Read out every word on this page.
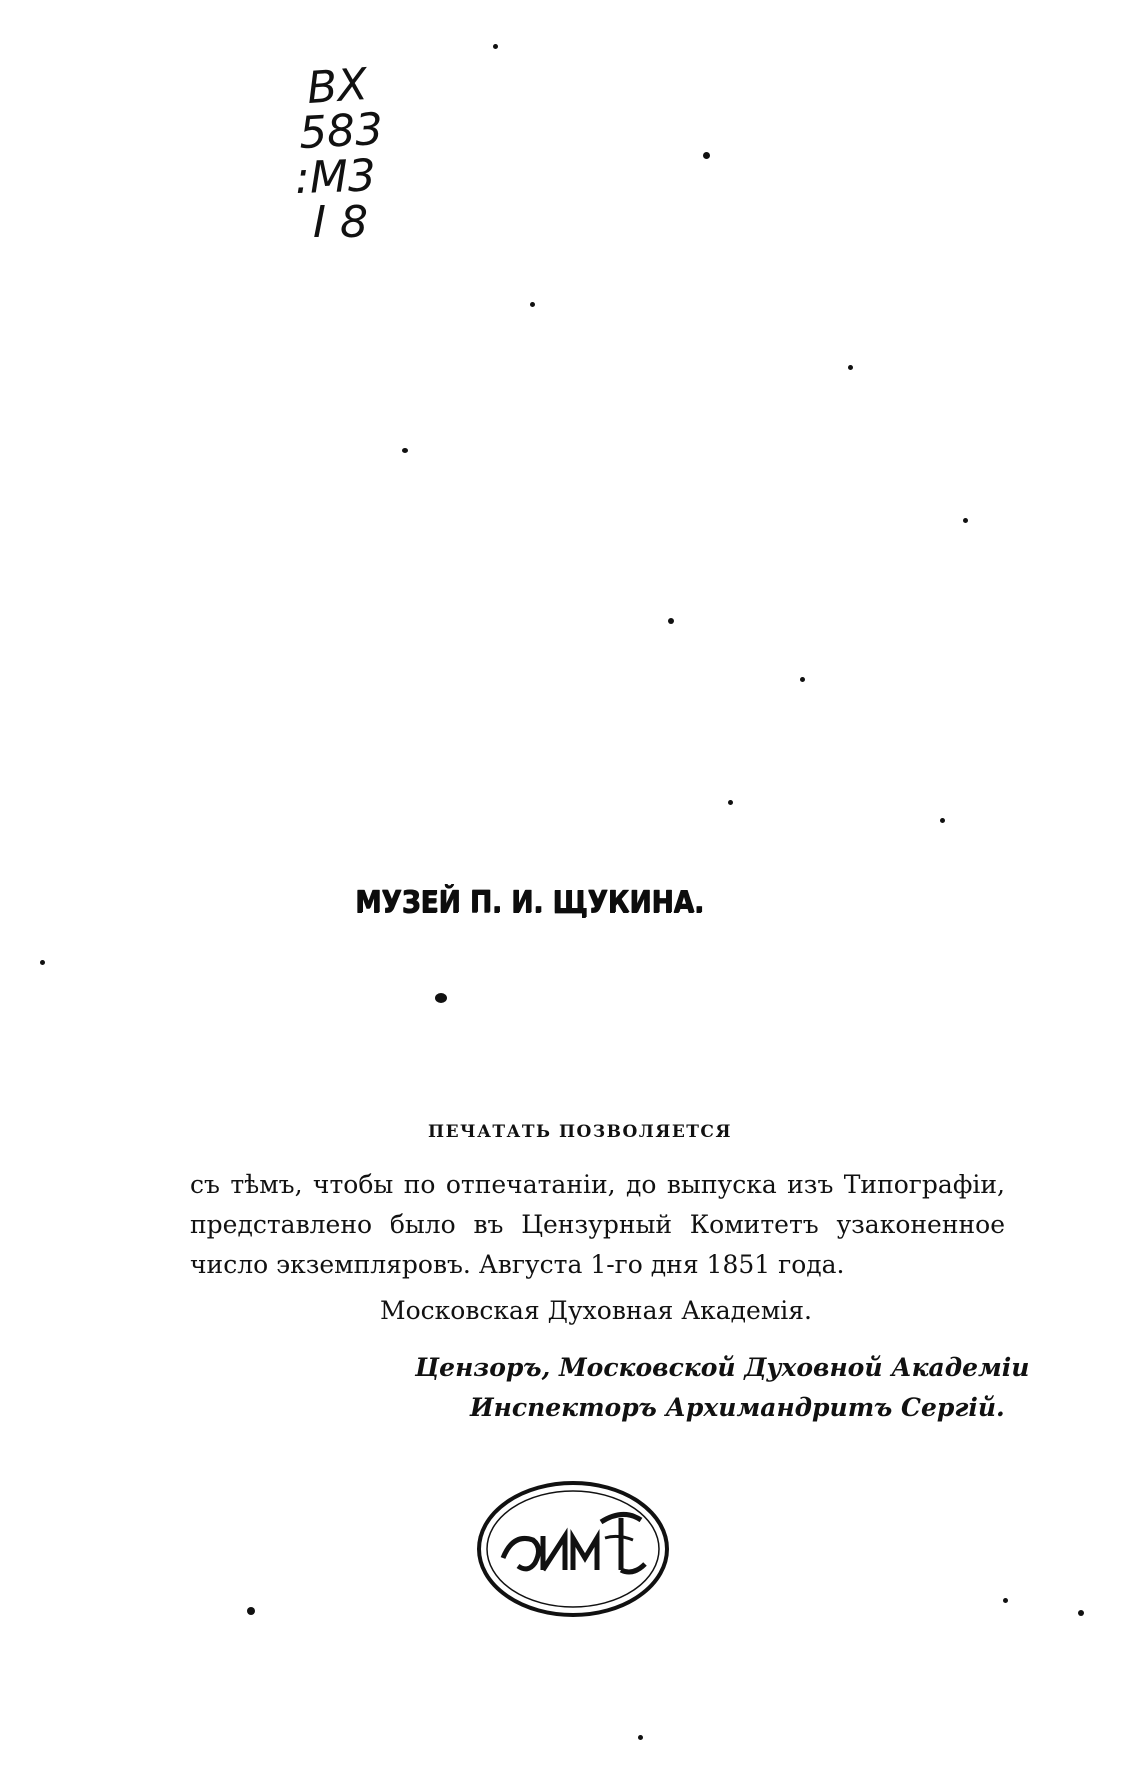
BX
583
:M3
I 8
МУЗЕЙ П. И. ЩУКИНА.
ПЕЧАТАТЬ ПОЗВОЛЯЕТСЯ
съ тѣмъ, чтобы по отпечатаніи, до выпуска изъ Типографіи,
представлено было въ Цензурный Комитетъ узаконенное
число экземпляровъ. Августа 1-го дня 1851 года.
Московская Духовная Академія.
Цензоръ, Московской Духовной Академіи
Инспекторъ Архимандритъ Сергій.
